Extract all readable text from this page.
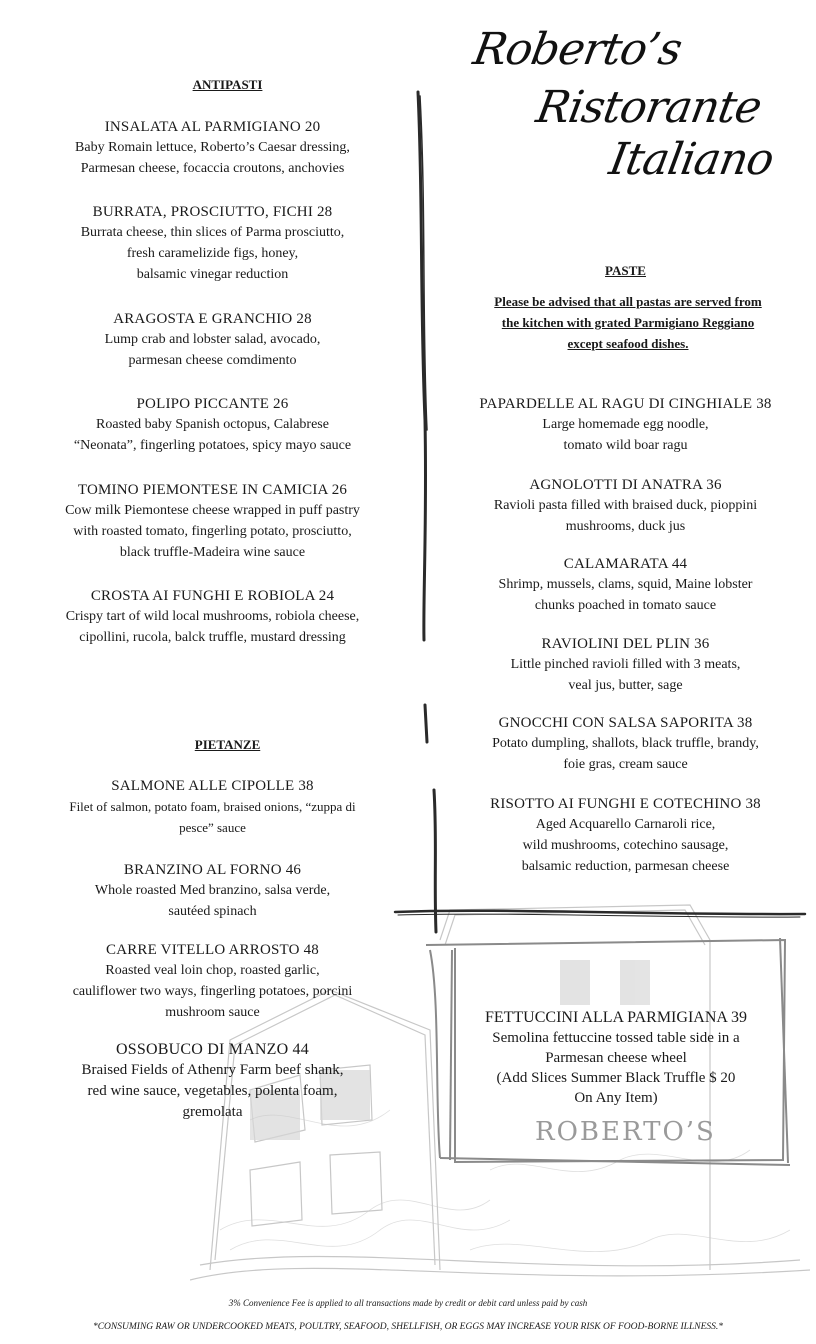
ROBERTO’S
Roberto’s
Ristorante
Italiano
ANTIPASTI
INSALATA AL PARMIGIANO 20
Baby Romain lettuce, Roberto’s Caesar dressing,
Parmesan cheese, focaccia croutons, anchovies
BURRATA, PROSCIUTTO, FICHI 28
Burrata cheese, thin slices of Parma prosciutto,
fresh caramelizide figs, honey,
balsamic vinegar reduction
ARAGOSTA E GRANCHIO 28
Lump crab and lobster salad, avocado,
parmesan cheese comdimento
POLIPO PICCANTE 26
Roasted baby Spanish octopus, Calabrese
“Neonata”, fingerling potatoes, spicy mayo sauce
TOMINO PIEMONTESE IN CAMICIA 26
Cow milk Piemontese cheese wrapped in puff pastry
with roasted tomato, fingerling potato, prosciutto,
black truffle-Madeira wine sauce
CROSTA AI FUNGHI E ROBIOLA 24
Crispy tart of wild local mushrooms, robiola cheese,
cipollini, rucola, balck truffle, mustard dressing
PIETANZE
SALMONE ALLE CIPOLLE 38
Filet of salmon, potato foam, braised onions, “zuppa di
pesce” sauce
BRANZINO AL FORNO 46
Whole roasted Med branzino, salsa verde,
sautéed spinach
CARRE VITELLO ARROSTO 48
Roasted veal loin chop, roasted garlic,
cauliflower two ways, fingerling potatoes, porcini
mushroom sauce
OSSOBUCO DI MANZO 44
Braised Fields of Athenry Farm beef shank,
red wine sauce, vegetables, polenta foam,
gremolata
PASTE
Please be advised that all pastas are served from
the kitchen with grated Parmigiano Reggiano
except seafood dishes.
PAPARDELLE AL RAGU DI CINGHIALE 38
Large homemade egg noodle,
tomato wild boar ragu
AGNOLOTTI DI ANATRA 36
Ravioli pasta filled with braised duck, pioppini
mushrooms, duck jus
CALAMARATA 44
Shrimp, mussels, clams, squid, Maine lobster
chunks poached in tomato sauce
RAVIOLINI DEL PLIN 36
Little pinched ravioli filled with 3 meats,
veal jus, butter, sage
GNOCCHI CON SALSA SAPORITA 38
Potato dumpling, shallots, black truffle, brandy,
foie gras, cream sauce
RISOTTO AI FUNGHI E COTECHINO 38
Aged Acquarello Carnaroli rice,
wild mushrooms, cotechino sausage,
balsamic reduction, parmesan cheese
FETTUCCINI ALLA PARMIGIANA 39
Semolina fettuccine tossed table side in a
Parmesan cheese wheel
(Add Slices Summer Black Truffle $ 20
On Any Item)
3% Convenience Fee is applied to all transactions made by credit or debit card unless paid by cash
*CONSUMING RAW OR UNDERCOOKED MEATS, POULTRY, SEAFOOD, SHELLFISH, OR EGGS MAY INCREASE YOUR RISK OF FOOD-BORNE ILLNESS.*
